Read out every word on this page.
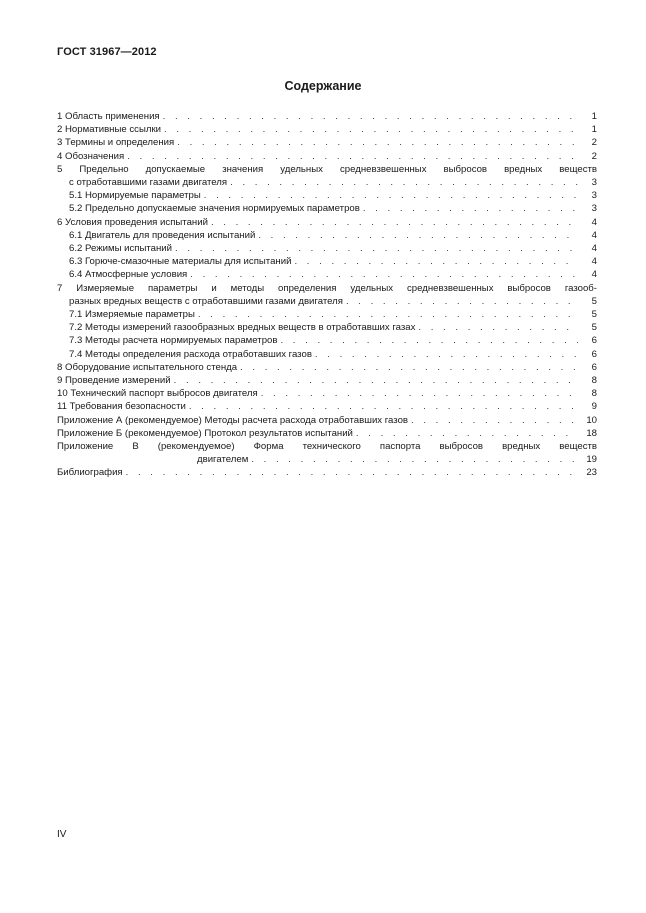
ГОСТ 31967—2012
Содержание
1 Область применения . . .	1
2 Нормативные ссылки . . .	1
3 Термины и определения . . .	2
4 Обозначения . . .	2
5 Предельно допускаемые значения удельных средневзвешенных выбросов вредных веществ
с отработавшими газами двигателя . . .	3
5.1 Нормируемые параметры . . .	3
5.2 Предельно допускаемые значения нормируемых параметров . . .	3
6 Условия проведения испытаний . . .	4
6.1 Двигатель для проведения испытаний . . .	4
6.2 Режимы испытаний . . .	4
6.3 Горюче-смазочные материалы для испытаний . . .	4
6.4 Атмосферные условия . . .	4
7 Измеряемые параметры и методы определения удельных средневзвешенных выбросов газооб-
разных вредных веществ с отработавшими газами двигателя . . .	5
7.1 Измеряемые параметры . . .	5
7.2 Методы измерений газообразных вредных веществ в отработавших газах . . .	5
7.3 Методы расчета нормируемых параметров . . .	6
7.4 Методы определения расхода отработавших газов . . .	6
8 Оборудование испытательного стенда . . .	6
9 Проведение измерений . . .	8
10 Технический паспорт выбросов двигателя . . .	8
11 Требования безопасности . . .	9
Приложение А (рекомендуемое) Методы расчета расхода отработавших газов . . .	10
Приложение Б (рекомендуемое) Протокол результатов испытаний . . .	18
Приложение В (рекомендуемое) Форма технического паспорта выбросов вредных веществ
двигателем . . .	19
Библиография . . .	23
IV
